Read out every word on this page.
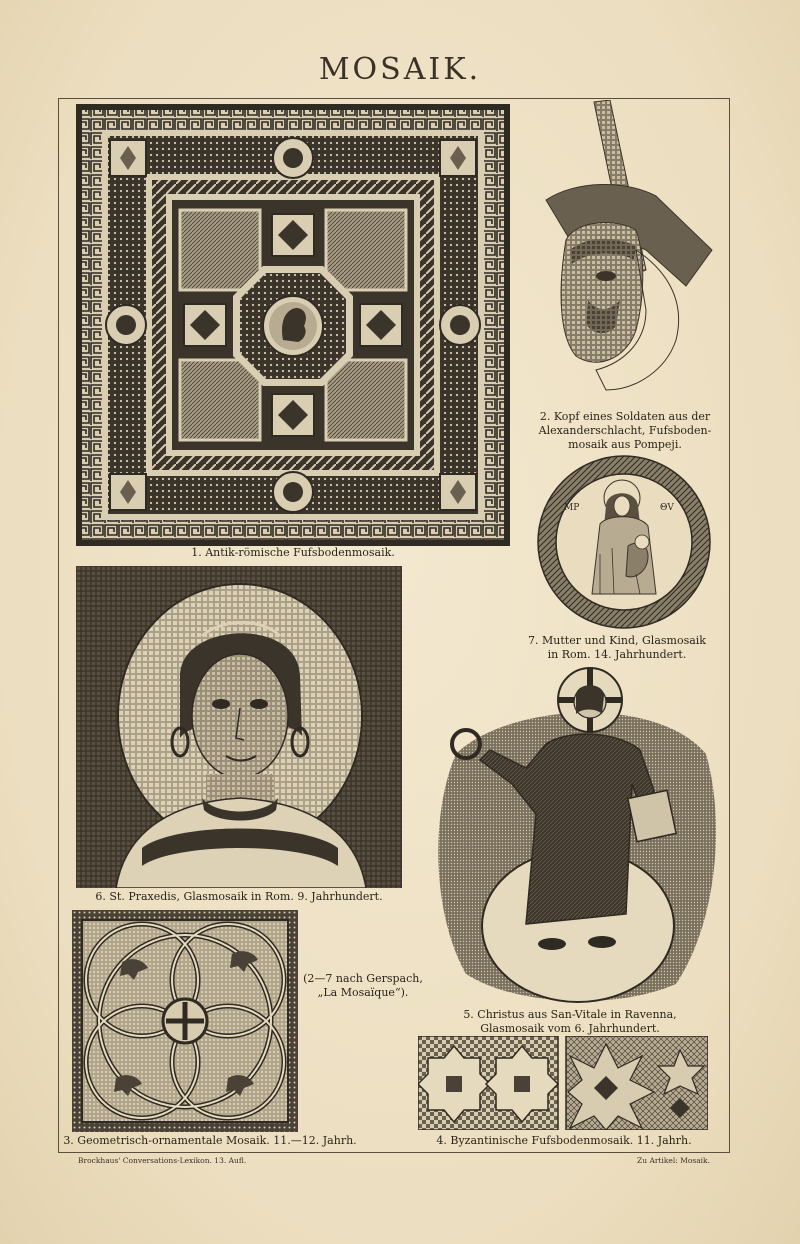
MOSAIK.
1. Antik-römische Fufsbodenmosaik.
2. Kopf eines Soldaten aus der
Alexanderschlacht, Fufsboden-
mosaik aus Pompeji.
MP	ΘV
7. Mutter und Kind, Glasmosaik
in Rom. 14. Jahrhundert.
6. St. Praxedis, Glasmosaik in Rom. 9. Jahrhundert.
5. Christus aus San-Vitale in Ravenna,
Glasmosaik vom 6. Jahrhundert.
3. Geometrisch-ornamentale Mosaik. 11.—12. Jahrh.
(2—7 nach Gerspach,
„La Mosaïque“).
4. Byzantinische Fufsbodenmosaik. 11. Jahrh.
Brockhaus' Conversations-Lexikon. 13. Aufl.	Zu Artikel: Mosaik.
